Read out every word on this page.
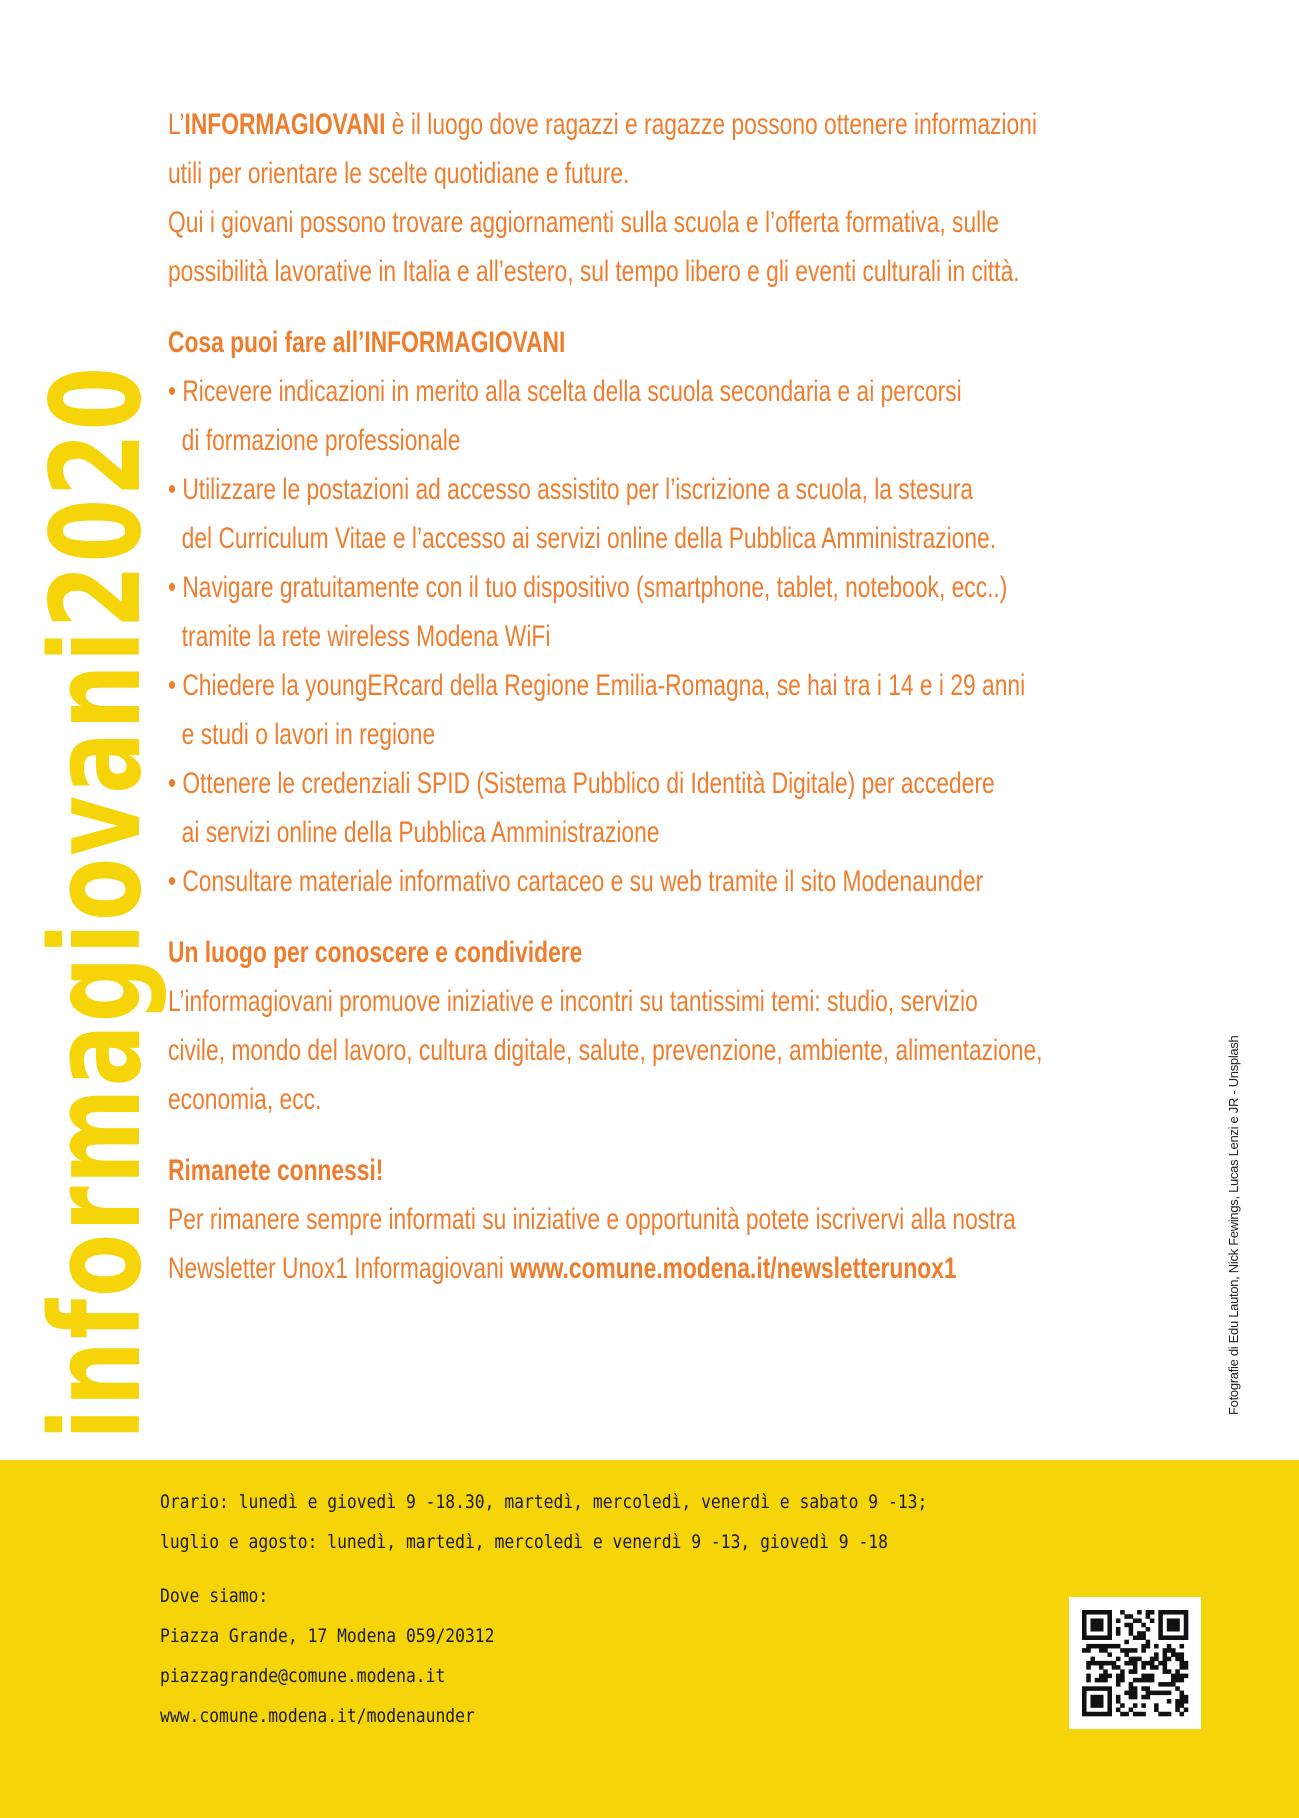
informagiovani2020

L’INFORMAGIOVANI è il luogo dove ragazzi e ragazze possono ottenere informazioni

utili per orientare le scelte quotidiane e future.

Qui i giovani possono trovare aggiornamenti sulla scuola e l’offerta formativa, sulle

possibilità lavorative in Italia e all’estero, sul tempo libero e gli eventi culturali in città.

Cosa puoi fare all’INFORMAGIOVANI
• Ricevere indicazioni in merito alla scelta della scuola secondaria e ai percorsi
di formazione professionale
• Utilizzare le postazioni ad accesso assistito per l’iscrizione a scuola, la stesura
del Curriculum Vitae e l’accesso ai servizi online della Pubblica Amministrazione.
• Navigare gratuitamente con il tuo dispositivo (smartphone, tablet, notebook, ecc..)
tramite la rete wireless Modena WiFi
• Chiedere la youngERcard della Regione Emilia-Romagna, se hai tra i 14 e i 29 anni
e studi o lavori in regione
• Ottenere le credenziali SPID (Sistema Pubblico di Identità Digitale) per accedere
ai servizi online della Pubblica Amministrazione
• Consultare materiale informativo cartaceo e su web tramite il sito Modenaunder
Un luogo per conoscere e condividere

L’informagiovani promuove iniziative e incontri su tantissimi temi: studio, servizio

civile, mondo del lavoro, cultura digitale, salute, prevenzione, ambiente, alimentazione,

economia, ecc.

Rimanete connessi!

Per rimanere sempre informati su iniziative e opportunità potete iscrivervi alla nostra

Newsletter Unox1 Informagiovani www.comune.modena.it/newsletterunox1	Fotografie di Edu Lauton, Nick Fewings, Lucas Lenzi e JR - Unsplash
Orario: lunedì e giovedì 9 -18.30, martedì, mercoledì, venerdì e sabato 9 -13;
luglio e agosto: lunedì, martedì, mercoledì e venerdì 9 -13, giovedì 9 -18
Dove siamo:
Piazza Grande, 17 Modena 059/20312
piazzagrande@comune.modena.it
www.comune.modena.it/modenaunder
